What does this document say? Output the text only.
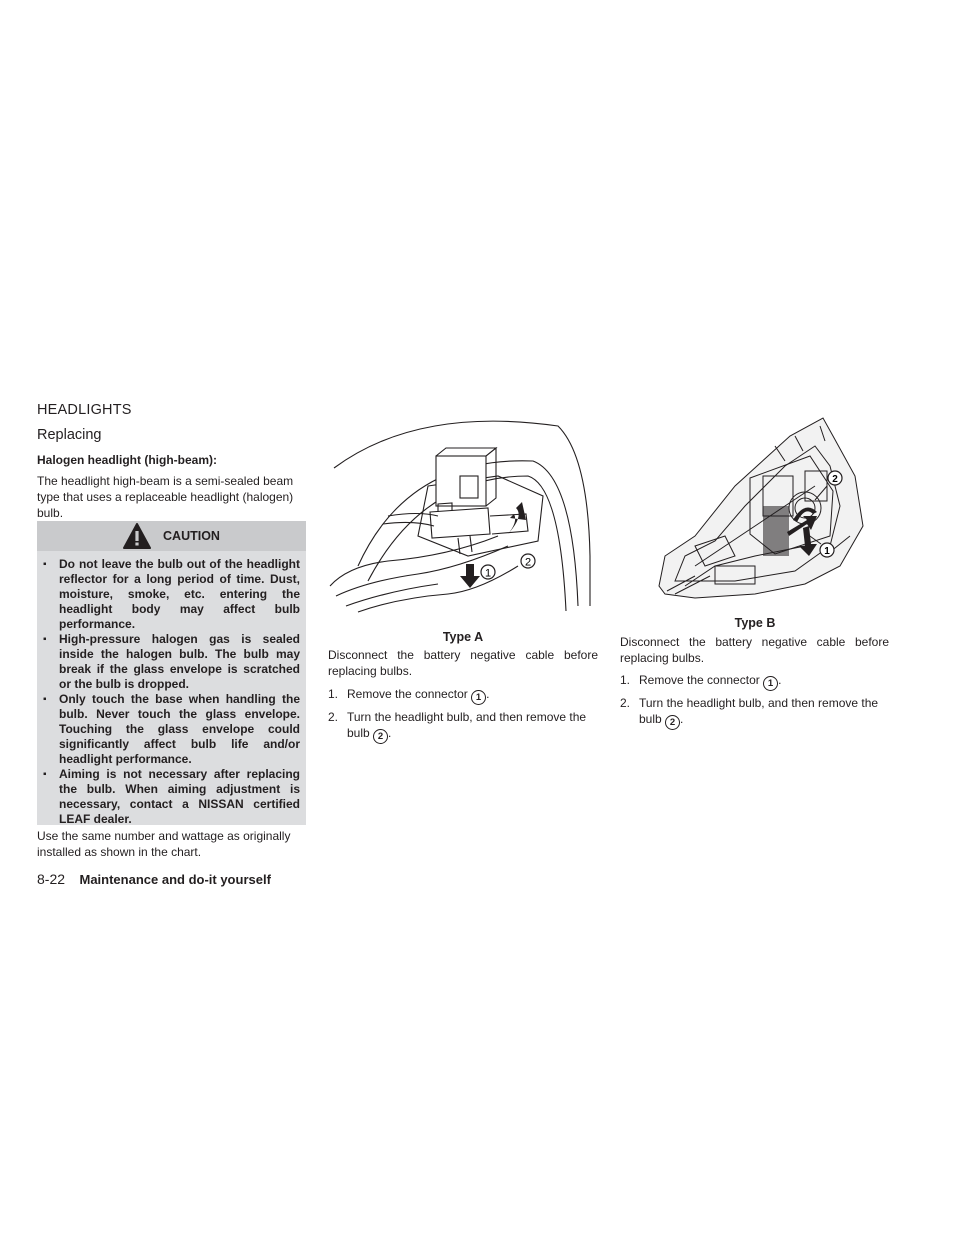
HEADLIGHTS
Replacing
Halogen headlight (high-beam):
The headlight high-beam is a semi-sealed beam type that uses a replaceable headlight (halogen) bulb.
CAUTION
▪ Do not leave the bulb out of the headlight reflector for a long period of time. Dust, moisture, smoke, etc. entering the headlight body may affect bulb performance.
▪ High-pressure halogen gas is sealed inside the halogen bulb. The bulb may break if the glass envelope is scratched or the bulb is dropped.
▪ Only touch the base when handling the bulb. Never touch the glass envelope. Touching the glass envelope could significantly affect bulb life and/or headlight performance.
▪ Aiming is not necessary after replacing the bulb. When aiming adjustment is necessary, contact a NISSAN certified LEAF dealer.
Use the same number and wattage as originally installed as shown in the chart.
8-22 Maintenance and do-it yourself
1
2
Type A
Disconnect the battery negative cable before replacing bulbs.
1. Remove the connector 1 .
2. Turn the headlight bulb, and then remove the bulb 2 .
2
1
Type B
Disconnect the battery negative cable before replacing bulbs.
1. Remove the connector 1 .
2. Turn the headlight bulb, and then remove the bulb 2 .
